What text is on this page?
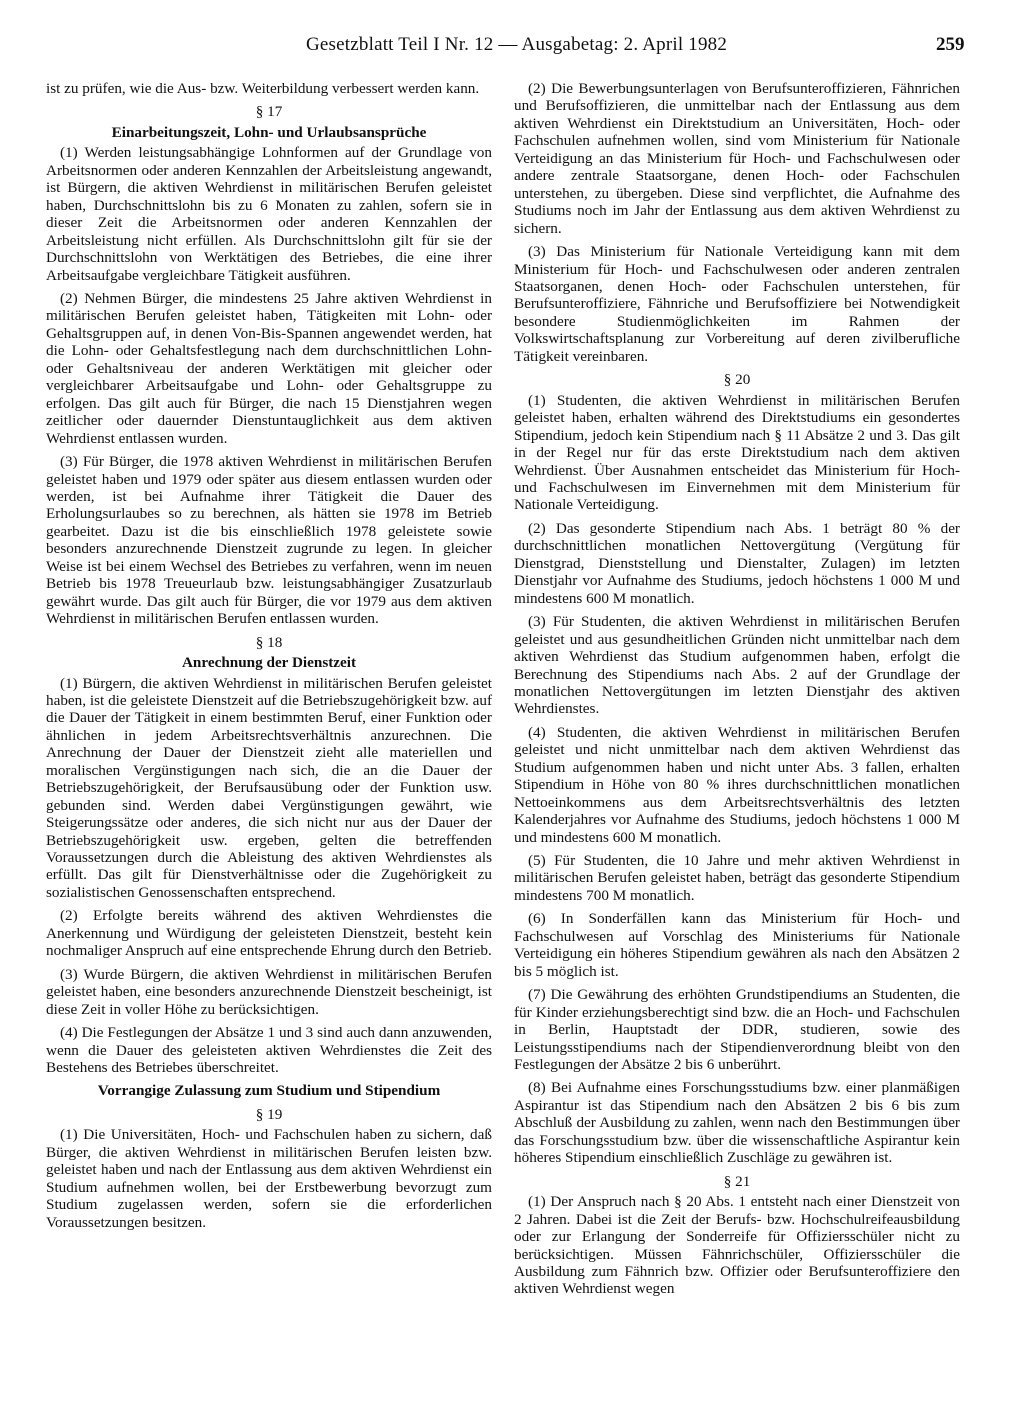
Gesetzblatt Teil I Nr. 12 — Ausgabetag: 2. April 1982	259

ist zu prüfen, wie die Aus- bzw. Weiterbildung verbessert werden kann.

§ 17
Einarbeitungszeit, Lohn- und Urlaubsansprüche

(1) Werden leistungsabhängige Lohnformen auf der Grundlage von Arbeitsnormen oder anderen Kennzahlen der Arbeitsleistung angewandt, ist Bürgern, die aktiven Wehrdienst in militärischen Berufen geleistet haben, Durchschnittslohn bis zu 6 Monaten zu zahlen, sofern sie in dieser Zeit die Arbeitsnormen oder anderen Kennzahlen der Arbeitsleistung nicht erfüllen. Als Durchschnittslohn gilt für sie der Durchschnittslohn von Werktätigen des Betriebes, die eine ihrer Arbeitsaufgabe vergleichbare Tätigkeit ausführen.

(2) Nehmen Bürger, die mindestens 25 Jahre aktiven Wehrdienst in militärischen Berufen geleistet haben, Tätigkeiten mit Lohn- oder Gehaltsgruppen auf, in denen Von-Bis-Spannen angewendet werden, hat die Lohn- oder Gehaltsfestlegung nach dem durchschnittlichen Lohn- oder Gehaltsniveau der anderen Werktätigen mit gleicher oder vergleichbarer Arbeitsaufgabe und Lohn- oder Gehaltsgruppe zu erfolgen. Das gilt auch für Bürger, die nach 15 Dienstjahren wegen zeitlicher oder dauernder Dienstuntauglichkeit aus dem aktiven Wehrdienst entlassen wurden.

(3) Für Bürger, die 1978 aktiven Wehrdienst in militärischen Berufen geleistet haben und 1979 oder später aus diesem entlassen wurden oder werden, ist bei Aufnahme ihrer Tätigkeit die Dauer des Erholungsurlaubes so zu berechnen, als hätten sie 1978 im Betrieb gearbeitet. Dazu ist die bis einschließlich 1978 geleistete sowie besonders anzurechnende Dienstzeit zugrunde zu legen. In gleicher Weise ist bei einem Wechsel des Betriebes zu verfahren, wenn im neuen Betrieb bis 1978 Treueurlaub bzw. leistungsabhängiger Zusatzurlaub gewährt wurde. Das gilt auch für Bürger, die vor 1979 aus dem aktiven Wehrdienst in militärischen Berufen entlassen wurden.

§ 18
Anrechnung der Dienstzeit

(1) Bürgern, die aktiven Wehrdienst in militärischen Berufen geleistet haben, ist die geleistete Dienstzeit auf die Betriebszugehörigkeit bzw. auf die Dauer der Tätigkeit in einem bestimmten Beruf, einer Funktion oder ähnlichen in jedem Arbeitsrechtsverhältnis anzurechnen. Die Anrechnung der Dauer der Dienstzeit zieht alle materiellen und moralischen Vergünstigungen nach sich, die an die Dauer der Betriebszugehörigkeit, der Berufsausübung oder der Funktion usw. gebunden sind. Werden dabei Vergünstigungen gewährt, wie Steigerungssätze oder anderes, die sich nicht nur aus der Dauer der Betriebszugehörigkeit usw. ergeben, gelten die betreffenden Voraussetzungen durch die Ableistung des aktiven Wehrdienstes als erfüllt. Das gilt für Dienstverhältnisse oder die Zugehörigkeit zu sozialistischen Genossenschaften entsprechend.

(2) Erfolgte bereits während des aktiven Wehrdienstes die Anerkennung und Würdigung der geleisteten Dienstzeit, besteht kein nochmaliger Anspruch auf eine entsprechende Ehrung durch den Betrieb.

(3) Wurde Bürgern, die aktiven Wehrdienst in militärischen Berufen geleistet haben, eine besonders anzurechnende Dienstzeit bescheinigt, ist diese Zeit in voller Höhe zu berücksichtigen.

(4) Die Festlegungen der Absätze 1 und 3 sind auch dann anzuwenden, wenn die Dauer des geleisteten aktiven Wehrdienstes die Zeit des Bestehens des Betriebes überschreitet.

Vorrangige Zulassung zum Studium und Stipendium
§ 19

(1) Die Universitäten, Hoch- und Fachschulen haben zu sichern, daß Bürger, die aktiven Wehrdienst in militärischen Berufen leisten bzw. geleistet haben und nach der Entlassung aus dem aktiven Wehrdienst ein Studium aufnehmen wollen, bei der Erstbewerbung bevorzugt zum Studium zugelassen werden, sofern sie die erforderlichen Voraussetzungen besitzen.

(2) Die Bewerbungsunterlagen von Berufsunteroffizieren, Fähnrichen und Berufsoffizieren, die unmittelbar nach der Entlassung aus dem aktiven Wehrdienst ein Direktstudium an Universitäten, Hoch- oder Fachschulen aufnehmen wollen, sind vom Ministerium für Nationale Verteidigung an das Ministerium für Hoch- und Fachschulwesen oder andere zentrale Staatsorgane, denen Hoch- oder Fachschulen unterstehen, zu übergeben. Diese sind verpflichtet, die Aufnahme des Studiums noch im Jahr der Entlassung aus dem aktiven Wehrdienst zu sichern.

(3) Das Ministerium für Nationale Verteidigung kann mit dem Ministerium für Hoch- und Fachschulwesen oder anderen zentralen Staatsorganen, denen Hoch- oder Fachschulen unterstehen, für Berufsunteroffiziere, Fähnriche und Berufsoffiziere bei Notwendigkeit besondere Studienmöglichkeiten im Rahmen der Volkswirtschaftsplanung zur Vorbereitung auf deren zivilberufliche Tätigkeit vereinbaren.

§ 20

(1) Studenten, die aktiven Wehrdienst in militärischen Berufen geleistet haben, erhalten während des Direktstudiums ein gesondertes Stipendium, jedoch kein Stipendium nach § 11 Absätze 2 und 3. Das gilt in der Regel nur für das erste Direktstudium nach dem aktiven Wehrdienst. Über Ausnahmen entscheidet das Ministerium für Hoch- und Fachschulwesen im Einvernehmen mit dem Ministerium für Nationale Verteidigung.

(2) Das gesonderte Stipendium nach Abs. 1 beträgt 80 % der durchschnittlichen monatlichen Nettovergütung (Vergütung für Dienstgrad, Dienststellung und Dienstalter, Zulagen) im letzten Dienstjahr vor Aufnahme des Studiums, jedoch höchstens 1 000 M und mindestens 600 M monatlich.

(3) Für Studenten, die aktiven Wehrdienst in militärischen Berufen geleistet und aus gesundheitlichen Gründen nicht unmittelbar nach dem aktiven Wehrdienst das Studium aufgenommen haben, erfolgt die Berechnung des Stipendiums nach Abs. 2 auf der Grundlage der monatlichen Nettovergütungen im letzten Dienstjahr des aktiven Wehrdienstes.

(4) Studenten, die aktiven Wehrdienst in militärischen Berufen geleistet und nicht unmittelbar nach dem aktiven Wehrdienst das Studium aufgenommen haben und nicht unter Abs. 3 fallen, erhalten Stipendium in Höhe von 80 % ihres durchschnittlichen monatlichen Nettoeinkommens aus dem Arbeitsrechtsverhältnis des letzten Kalenderjahres vor Aufnahme des Studiums, jedoch höchstens 1 000 M und mindestens 600 M monatlich.

(5) Für Studenten, die 10 Jahre und mehr aktiven Wehrdienst in militärischen Berufen geleistet haben, beträgt das gesonderte Stipendium mindestens 700 M monatlich.

(6) In Sonderfällen kann das Ministerium für Hoch- und Fachschulwesen auf Vorschlag des Ministeriums für Nationale Verteidigung ein höheres Stipendium gewähren als nach den Absätzen 2 bis 5 möglich ist.

(7) Die Gewährung des erhöhten Grundstipendiums an Studenten, die für Kinder erziehungsberechtigt sind bzw. die an Hoch- und Fachschulen in Berlin, Hauptstadt der DDR, studieren, sowie des Leistungsstipendiums nach der Stipendienverordnung bleibt von den Festlegungen der Absätze 2 bis 6 unberührt.

(8) Bei Aufnahme eines Forschungsstudiums bzw. einer planmäßigen Aspirantur ist das Stipendium nach den Absätzen 2 bis 6 bis zum Abschluß der Ausbildung zu zahlen, wenn nach den Bestimmungen über das Forschungsstudium bzw. über die wissenschaftliche Aspirantur kein höheres Stipendium einschließlich Zuschläge zu gewähren ist.

§ 21

(1) Der Anspruch nach § 20 Abs. 1 entsteht nach einer Dienstzeit von 2 Jahren. Dabei ist die Zeit der Berufs- bzw. Hochschulreifeausbildung oder zur Erlangung der Sonderreife für Offiziersschüler nicht zu berücksichtigen. Müssen Fähnrichschüler, Offiziersschüler die Ausbildung zum Fähnrich bzw. Offizier oder Berufsunteroffiziere den aktiven Wehrdienst wegen
